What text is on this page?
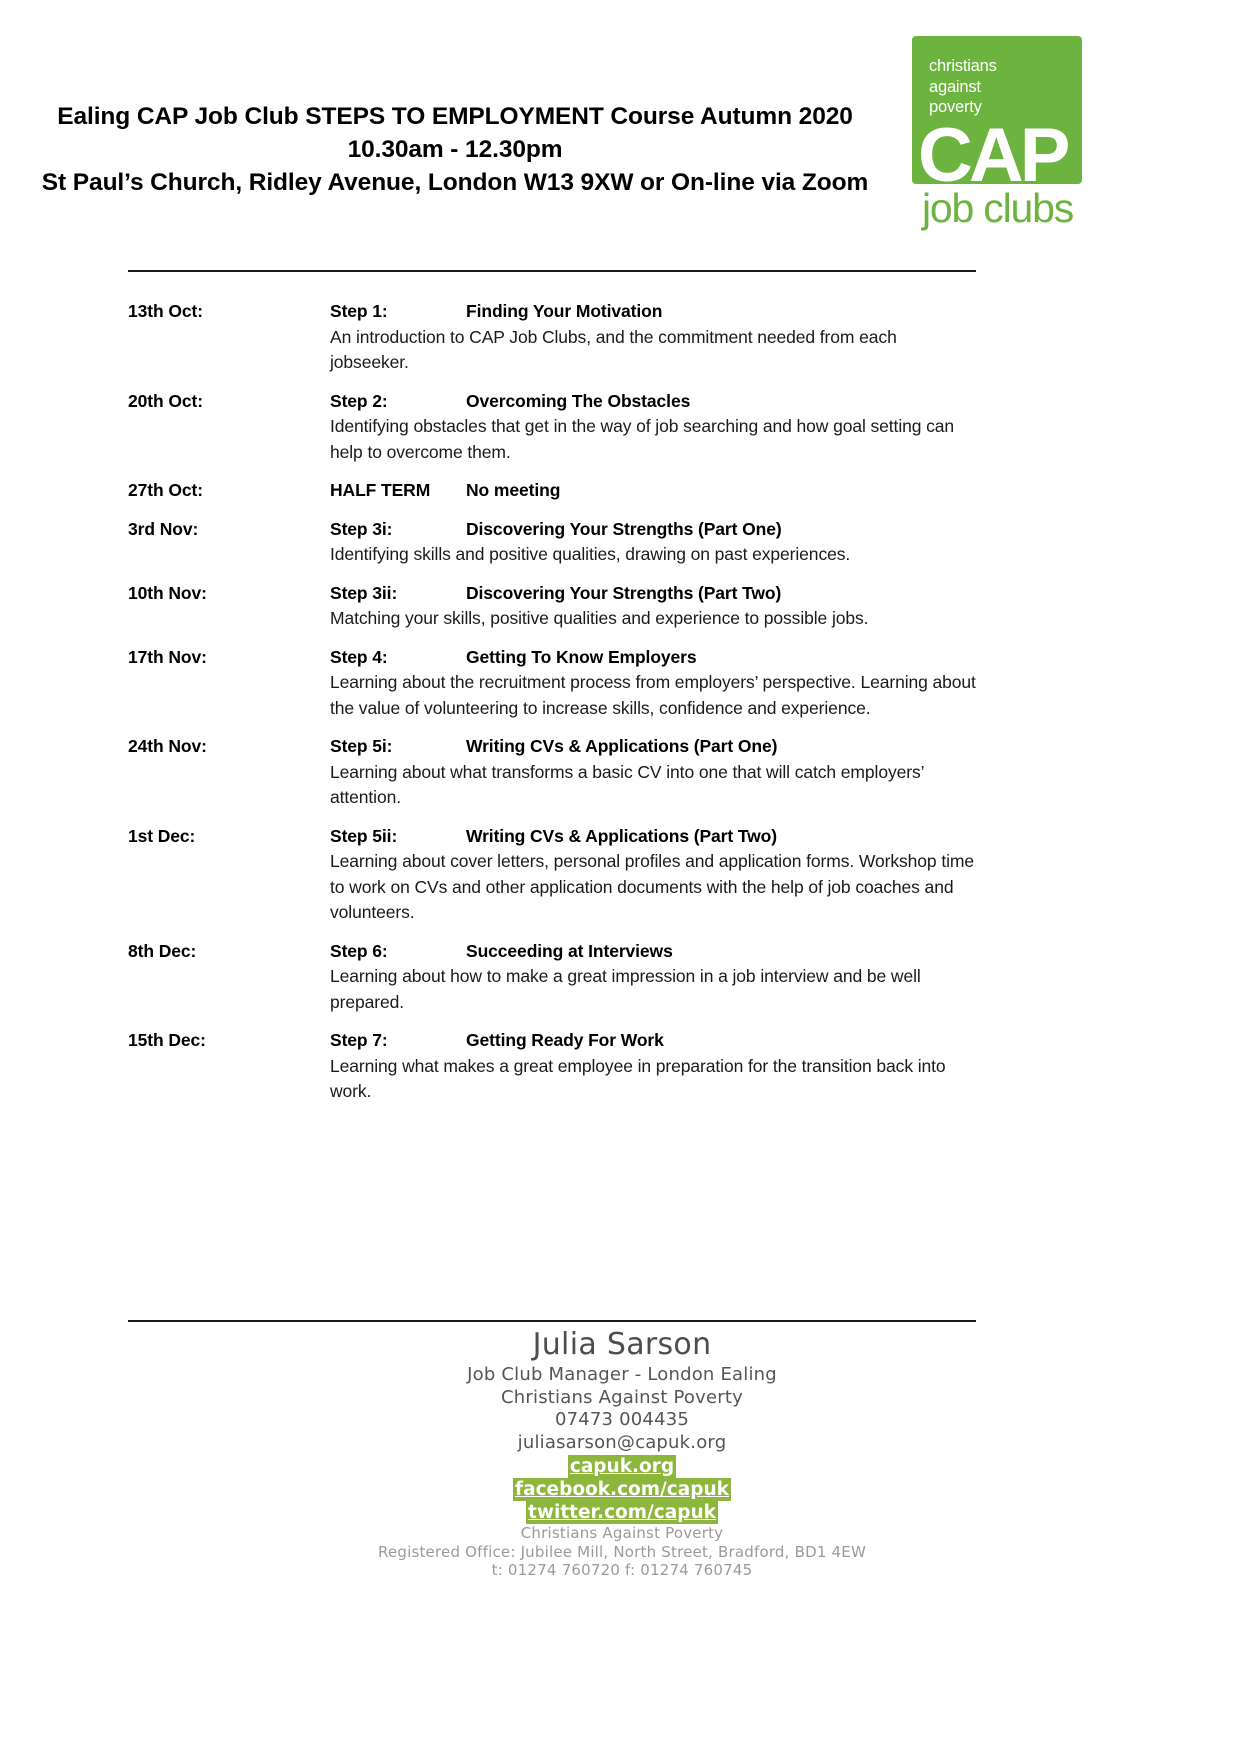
Ealing CAP Job Club STEPS TO EMPLOYMENT Course Autumn 2020
10.30am - 12.30pm
St Paul’s Church, Ridley Avenue, London W13 9XW or On-line via Zoom
christians
against
poverty
CAP
job clubs
13th Oct:	Step 1:	Finding Your Motivation
An introduction to CAP Job Clubs, and the commitment needed from each jobseeker.
20th Oct:	Step 2:	Overcoming The Obstacles
Identifying obstacles that get in the way of job searching and how goal setting can help to overcome them.
27th Oct:	HALF TERM	No meeting
3rd Nov:	Step 3i:	Discovering Your Strengths (Part One)
Identifying skills and positive qualities, drawing on past experiences.
10th Nov:	Step 3ii:	Discovering Your Strengths (Part Two)
Matching your skills, positive qualities and experience to possible jobs.
17th Nov:	Step 4:	Getting To Know Employers
Learning about the recruitment process from employers’ perspective. Learning about the value of volunteering to increase skills, confidence and experience.
24th Nov:	Step 5i:	Writing CVs & Applications (Part One)
Learning about what transforms a basic CV into one that will catch employers’ attention.
1st Dec:	Step 5ii:	Writing CVs & Applications (Part Two)
Learning about cover letters, personal profiles and application forms. Workshop time to work on CVs and other application documents with the help of job coaches and volunteers.
8th Dec:	Step 6:	Succeeding at Interviews
Learning about how to make a great impression in a job interview and be well prepared.
15th Dec:	Step 7:	Getting Ready For Work
Learning what makes a great employee in preparation for the transition back into work.
Julia Sarson
Job Club Manager - London Ealing
Christians Against Poverty
07473 004435
juliasarson@capuk.org
capuk.org
facebook.com/capuk
twitter.com/capuk
Christians Against Poverty
Registered Office: Jubilee Mill, North Street, Bradford, BD1 4EW
t: 01274 760720 f: 01274 760745
